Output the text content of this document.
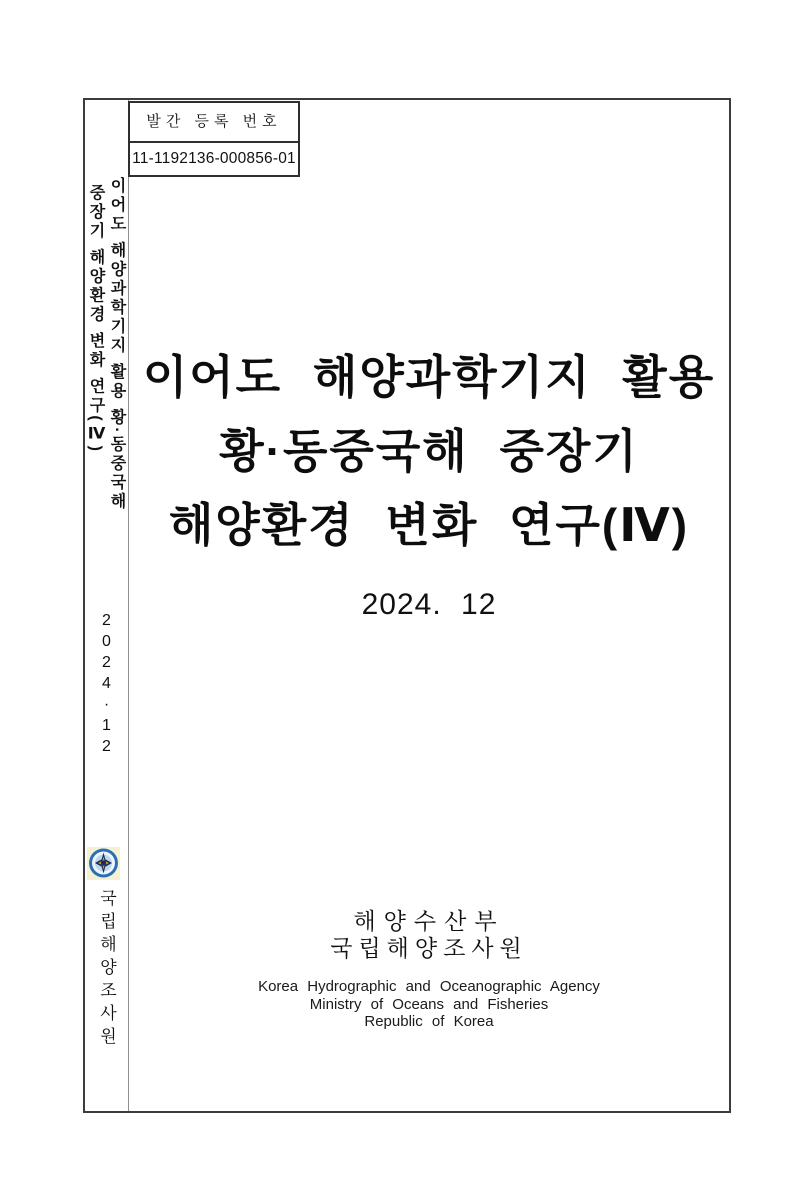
발간 등록 번호
11-1192136-000856-01
이어도 해양과학기지 활용 황·동중국해
중장기 해양환경 변화 연구(Ⅳ)
2024·12
국립해양조사원
이어도 해양과학기지 활용
황·동중국해 중장기
해양환경 변화 연구(Ⅳ)
2024. 12
해양수산부
국립해양조사원
Korea Hydrographic and Oceanographic Agency
Ministry of Oceans and Fisheries
Republic of Korea
